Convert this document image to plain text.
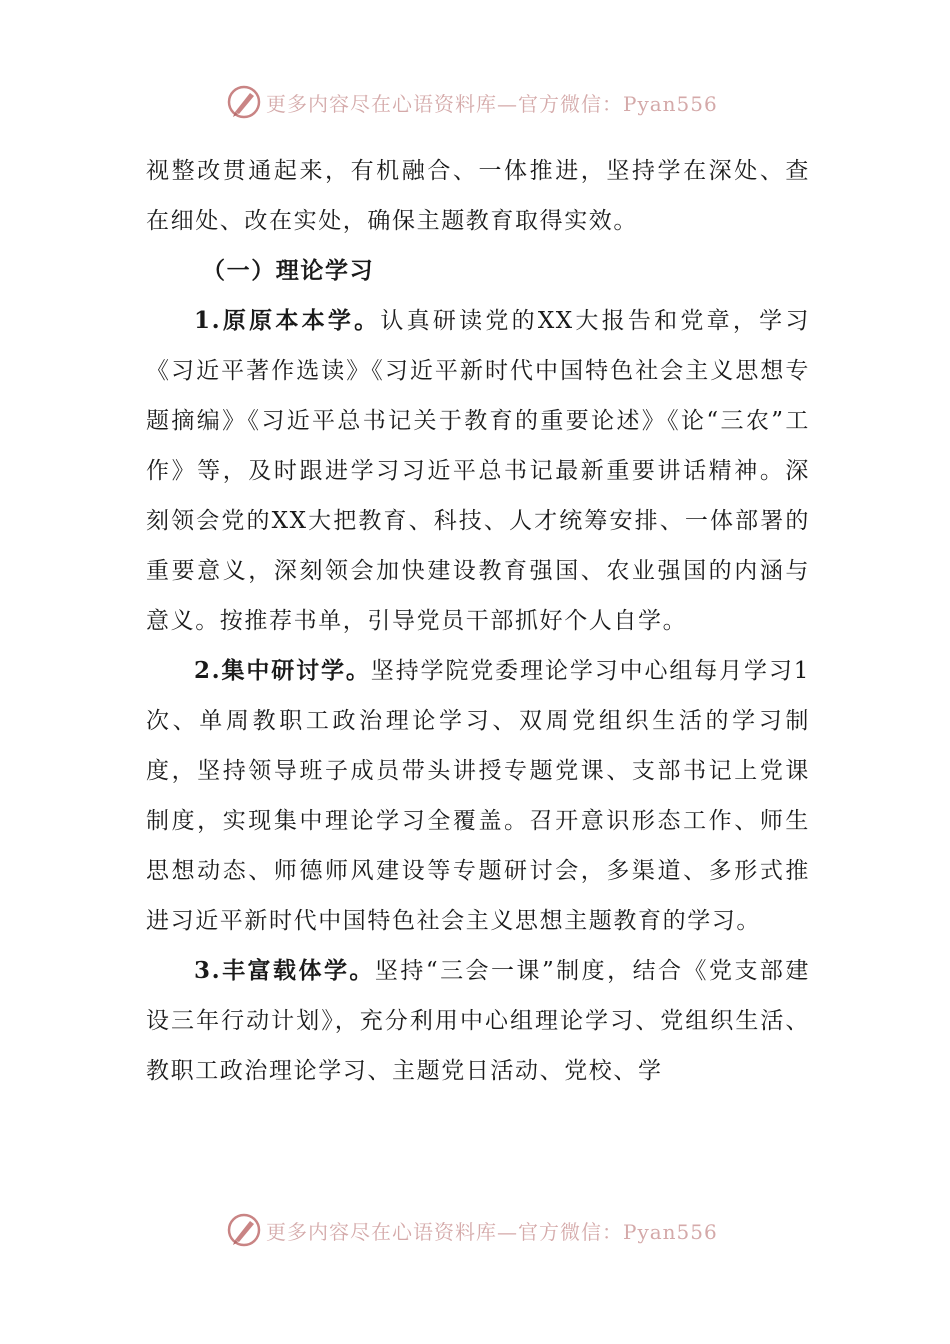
更多内容尽在心语资料库—官方微信：Pyan556

视整改贯通起来，有机融合、一体推进，坚持学在深处、查在细处、改在实处，确保主题教育取得实效。

（一）理论学习

1.原原本本学。认真研读党的XX大报告和党章，学习《习近平著作选读》《习近平新时代中国特色社会主义思想专题摘编》《习近平总书记关于教育的重要论述》《论“三农”工作》等，及时跟进学习习近平总书记最新重要讲话精神。深刻领会党的XX大把教育、科技、人才统筹安排、一体部署的重要意义，深刻领会加快建设教育强国、农业强国的内涵与意义。按推荐书单，引导党员干部抓好个人自学。

2.集中研讨学。坚持学院党委理论学习中心组每月学习1次、单周教职工政治理论学习、双周党组织生活的学习制度，坚持领导班子成员带头讲授专题党课、支部书记上党课制度，实现集中理论学习全覆盖。召开意识形态工作、师生思想动态、师德师风建设等专题研讨会，多渠道、多形式推进习近平新时代中国特色社会主义思想主题教育的学习。

3.丰富载体学。坚持“三会一课”制度，结合《党支部建设三年行动计划》，充分利用中心组理论学习、党组织生活、教职工政治理论学习、主题党日活动、党校、学

更多内容尽在心语资料库—官方微信：Pyan556
